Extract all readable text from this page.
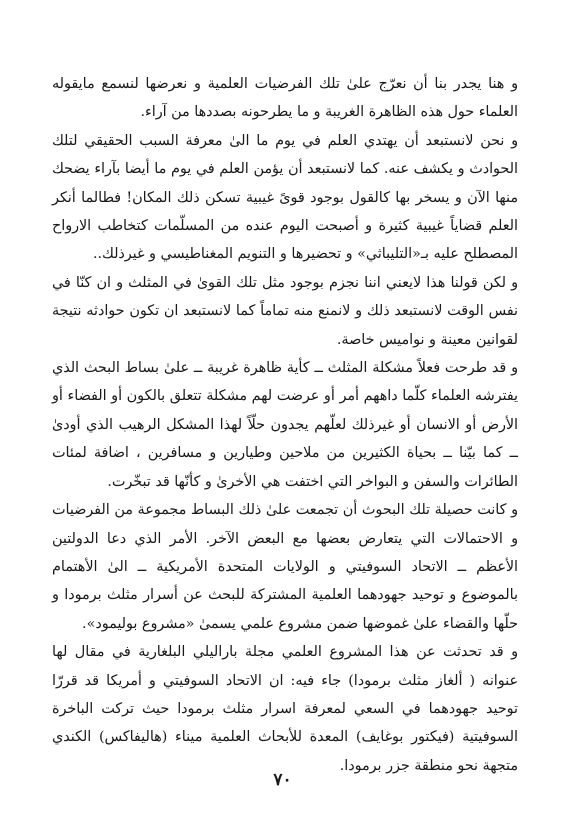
و هنا يجدر بنا أن نعرّج علىٰ تلك الفرضيات العلمية و نعرضها لنسمع مايقوله العلماء حول هذه الظاهرة الغريبة و ما يطرحونه بصددها من آراء.

و نحن لانستبعد أن يهتدي العلم في يوم ما الىٰ معرفة السبب الحقيقي لتلك الحوادث و يكشف عنه. كما لانستبعد أن يؤمن العلم في يوم ما أيضا بآراء يضحك منها الآن و يسخر بها كالقول بوجود قوىً غيبية تسكن ذلك المكان! فطالما أنكر العلم قضاياً غيبية كثيرة و أصبحت اليوم عنده من المسلّمات كتخاطب الارواح المصطلح عليه بـ«التليباثي» و تحضيرها و التنويم المغناطيسي و غيرذلك..

و لكن قولنا هذا لايعني اننا نجزم بوجود مثل تلك القوىٰ في المثلث و ان كنّا في نفس الوقت لانستبعد ذلك و لانمنع منه تماماً كما لانستبعد ان تكون حوادثه نتيجة لقوانين معينة و نواميس خاصة.

و قد طرحت فعلاً مشكلة المثلث ــ كأية ظاهرة غريبة ــ علىٰ بساط البحث الذي يفترشه العلماء كلّما داههم أمر أو عرضت لهم مشكلة تتعلق بالكون أو الفضاء أو الأرض أو الانسان أو غيرذلك لعلّهم يجدون حلّاً لهذا المشكل الرهيب الذي أودىٰ ــ كما بيّنا ــ بحياة الكثيرين من ملاحين وطيارين و مسافرين ، اضافة لمئات الطائرات والسفن و البواخر التي اختفت هي الأخرىٰ و كأنّها قد تبخّرت.

و كانت حصيلة تلك البحوث أن تجمعت علىٰ ذلك البساط مجموعة من الفرضيات و الاحتمالات التي يتعارض بعضها مع البعض الآخر. الأمر الذي دعا الدولتين الأعظم ــ الاتحاد السوفيتي و الولايات المتحدة الأمريكية ــ الىٰ الأهتمام بالموضوع و توحيد جهودهما العلمية المشتركة للبحث عن أسرار مثلث برمودا و حلّها والقضاء علىٰ غموضها ضمن مشروع علمي يسمىٰ «مشروع بوليمود».

و قد تحدثت عن هذا المشروع العلمي مجلة باراليلي البلغارية في مقال لها عنوانه ( ألغاز مثلث برمودا) جاء فيه: ان الاتحاد السوفيتي و أمريكا قد قررّا توحيد جهودهما في السعي لمعرفة اسرار مثلث برمودا حيث تركت الباخرة السوفيتية (فيكتور بوغايف) المعدة للأبحاث العلمية ميناء (هاليفاكس) الكندي متجهة نحو منطقة جزر برمودا.

٧٠
